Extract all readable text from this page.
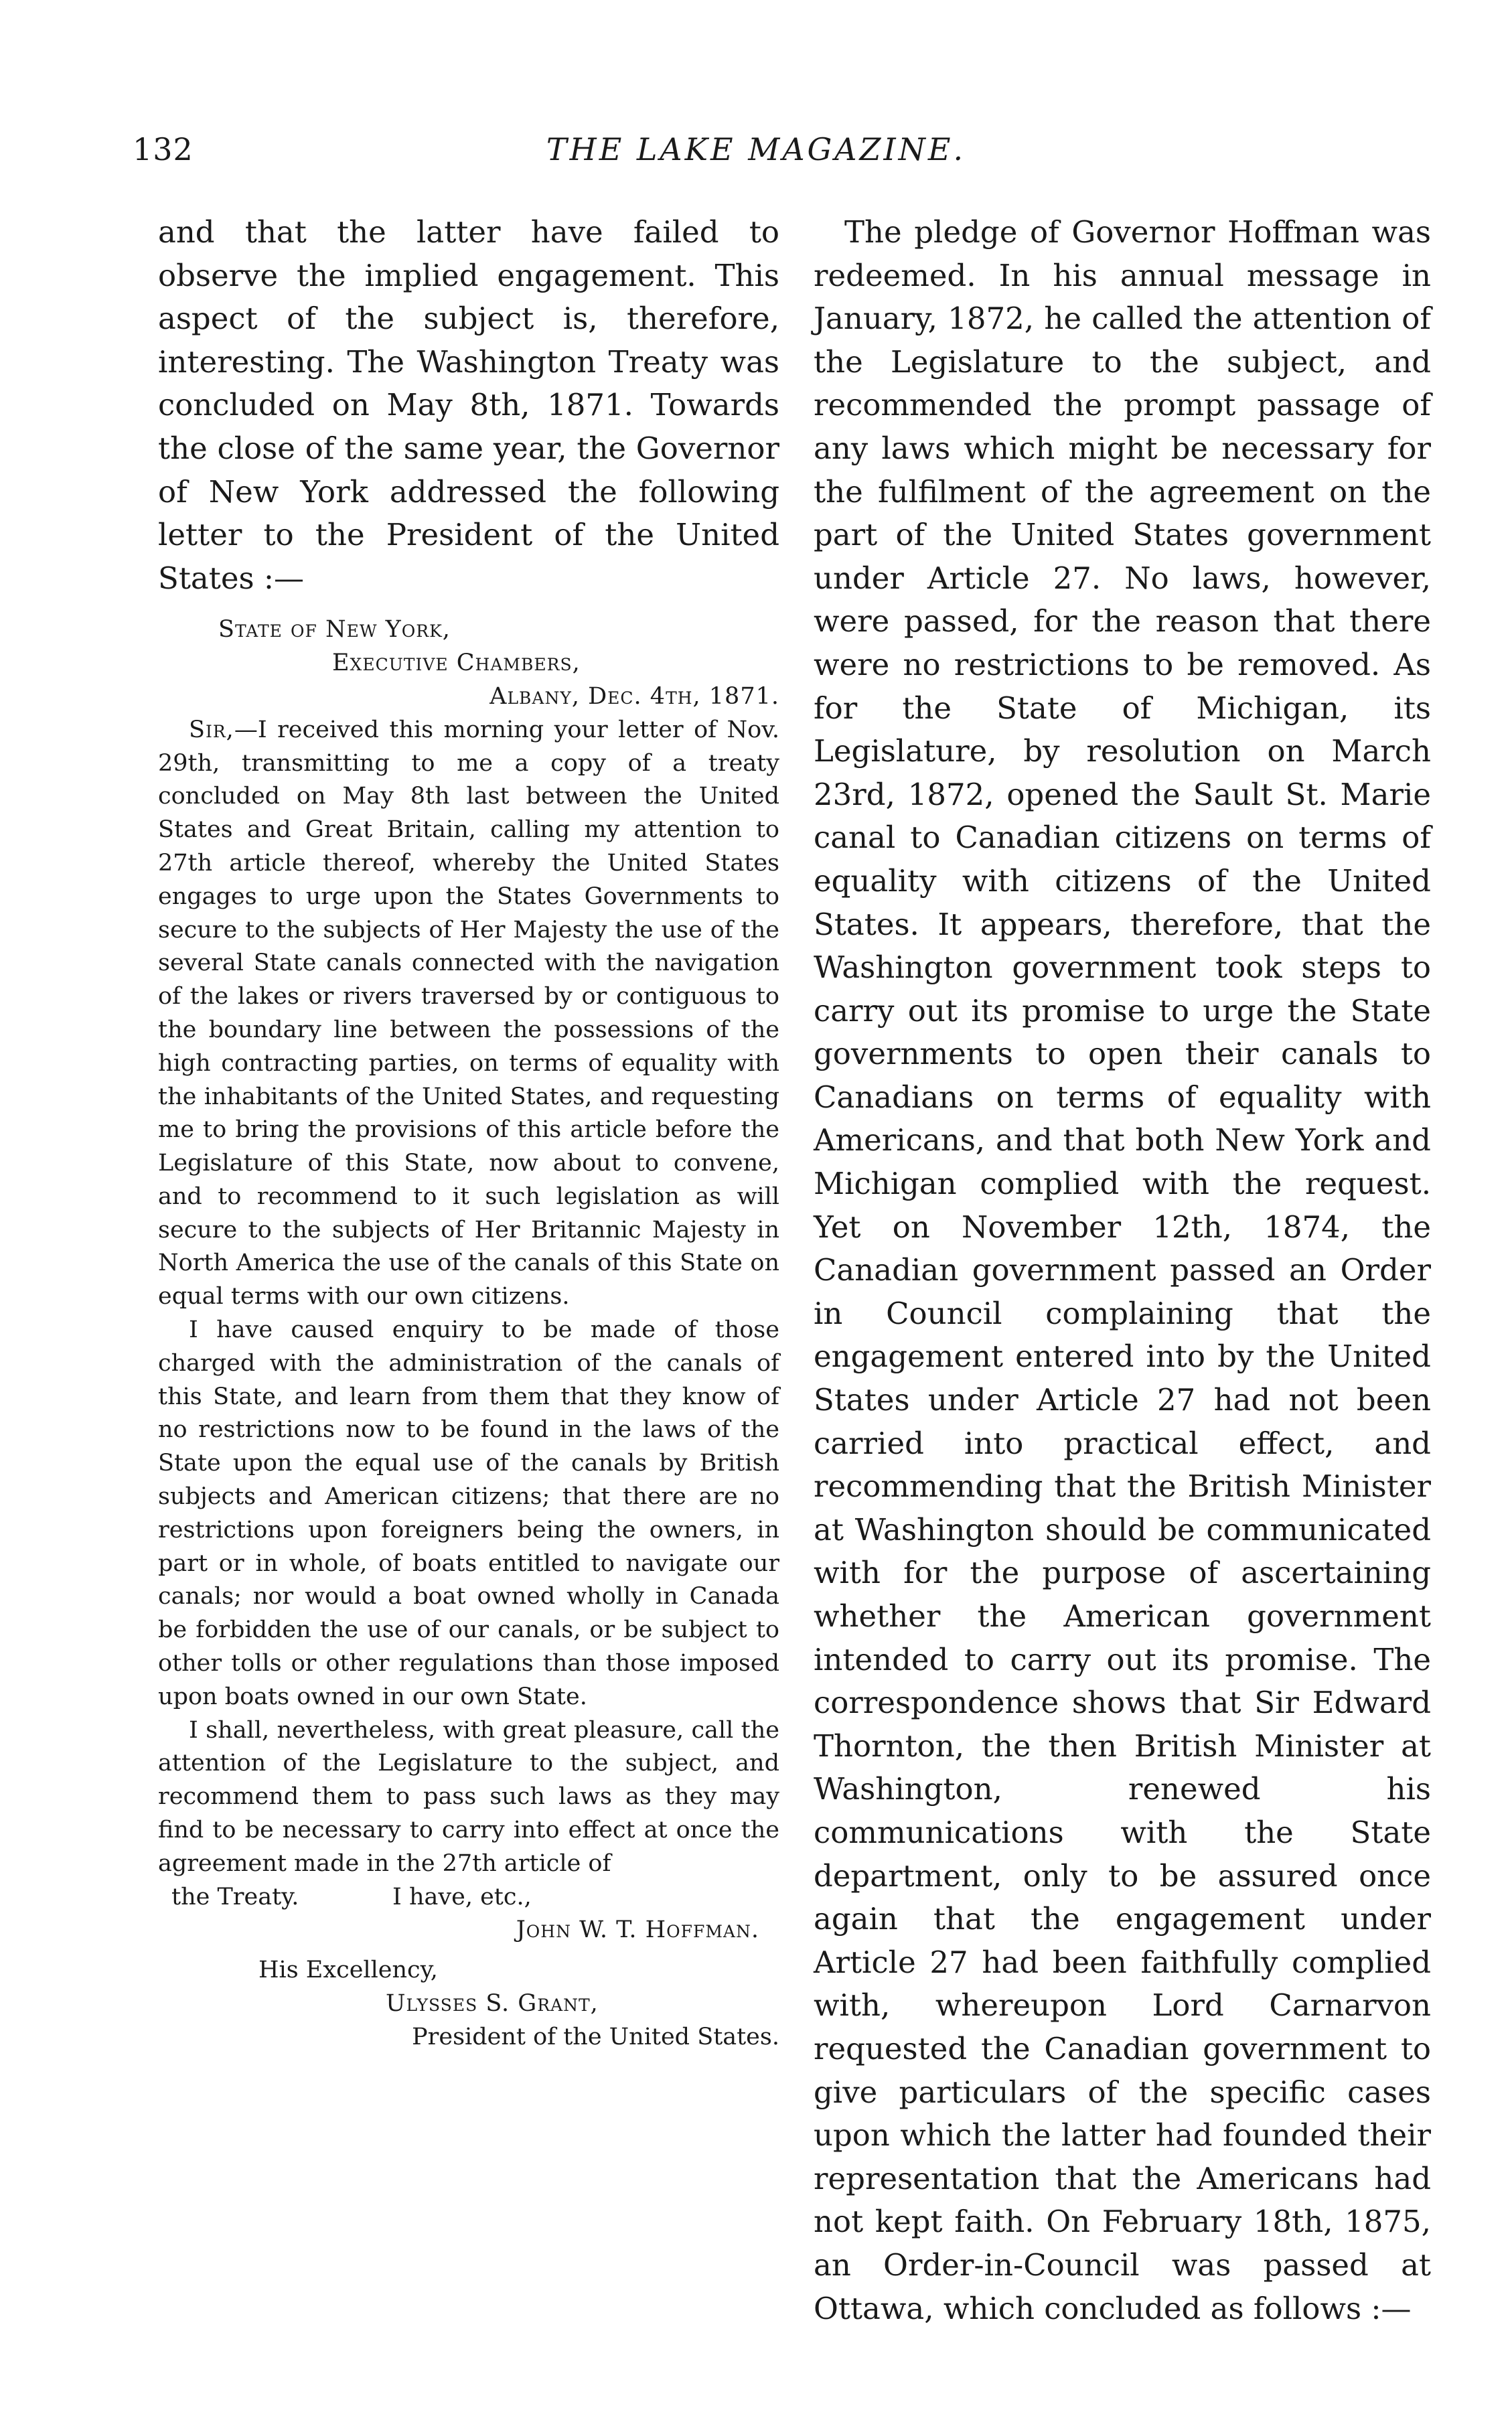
132	THE LAKE MAGAZINE.

and that the latter have failed to observe the implied engagement. This aspect of the subject is, therefore, interesting. The Washington Treaty was concluded on May 8th, 1871. Towards the close of the same year, the Governor of New York addressed the following letter to the President of the United States :—

State of New York,

Executive Chambers,

Albany, Dec. 4th, 1871.

Sir,—I received this morning your letter of Nov. 29th, transmitting to me a copy of a treaty concluded on May 8th last between the United States and Great Britain, calling my attention to 27th article thereof, whereby the United States engages to urge upon the States Governments to secure to the subjects of Her Majesty the use of the several State canals connected with the navigation of the lakes or rivers traversed by or contiguous to the boundary line between the possessions of the high contracting parties, on terms of equality with the inhabitants of the United States, and requesting me to bring the provisions of this article before the Legislature of this State, now about to convene, and to recommend to it such legislation as will secure to the subjects of Her Britannic Majesty in North America the use of the canals of this State on equal terms with our own citizens.

I have caused enquiry to be made of those charged with the administration of the canals of this State, and learn from them that they know of no restrictions now to be found in the laws of the State upon the equal use of the canals by British subjects and American citizens; that there are no restrictions upon foreigners being the owners, in part or in whole, of boats entitled to navigate our canals; nor would a boat owned wholly in Canada be forbidden the use of our canals, or be subject to other tolls or other regulations than those imposed upon boats owned in our own State.

I shall, nevertheless, with great pleasure, call the attention of the Legislature to the subject, and recommend them to pass such laws as they may find to be necessary to carry into effect at once the agreement made in the 27th article of

the Treaty.	I have, etc.,

John W. T. Hoffman.

His Excellency,

Ulysses S. Grant,

President of the United States.

The pledge of Governor Hoffman was redeemed. In his annual message in January, 1872, he called the attention of the Legislature to the subject, and recommended the prompt passage of any laws which might be necessary for the fulfilment of the agreement on the part of the United States government under Article 27. No laws, however, were passed, for the reason that there were no restrictions to be removed. As for the State of Michigan, its Legislature, by resolution on March 23rd, 1872, opened the Sault St. Marie canal to Canadian citizens on terms of equality with citizens of the United States. It appears, therefore, that the Washington government took steps to carry out its promise to urge the State governments to open their canals to Canadians on terms of equality with Americans, and that both New York and Michigan complied with the request. Yet on November 12th, 1874, the Canadian government passed an Order in Council complaining that the engagement entered into by the United States under Article 27 had not been carried into practical effect, and recommending that the British Minister at Washington should be communicated with for the purpose of ascertaining whether the American government intended to carry out its promise. The correspondence shows that Sir Edward Thornton, the then British Minister at Washington, renewed his communications with the State department, only to be assured once again that the engagement under Article 27 had been faithfully complied with, whereupon Lord Carnarvon requested the Canadian government to give particulars of the specific cases upon which the latter had founded their representation that the Americans had not kept faith. On February 18th, 1875, an Order-in-Council was passed at Ottawa, which concluded as follows :—
